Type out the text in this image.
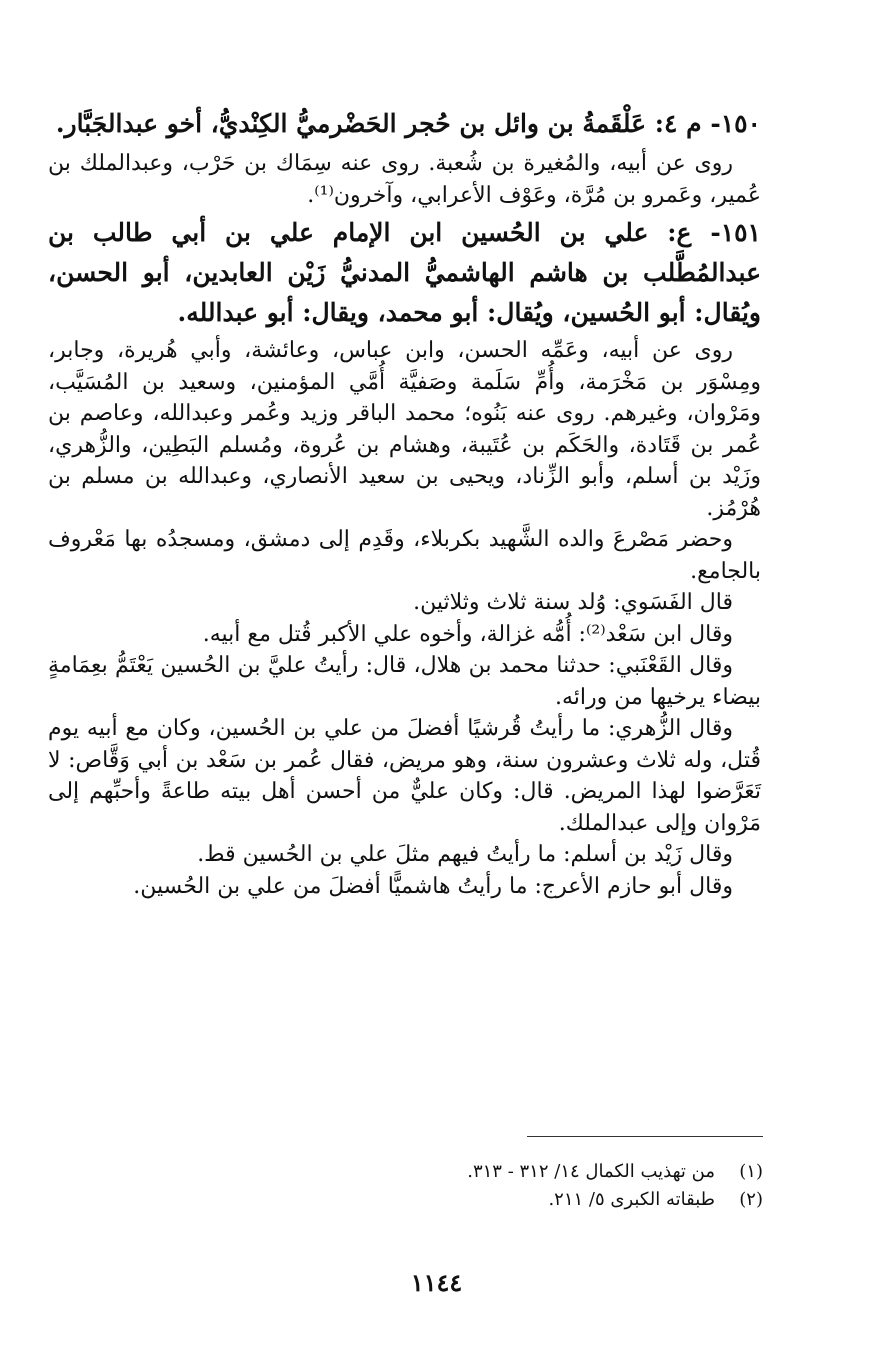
١٥٠- م ٤: عَلْقَمةُ بن وائل بن حُجر الحَضْرميُّ الكِنْديُّ، أخو عبدالجَبَّار.

روى عن أبيه، والمُغيرة بن شُعبة. روى عنه سِمَاك بن حَرْب، وعبدالملك بن عُمير، وعَمرو بن مُرَّة، وعَوْف الأعرابي، وآخرون⁽¹⁾.

١٥١- ع: علي بن الحُسين ابن الإمام علي بن أبي طالب بن عبدالمُطَّلب بن هاشم الهاشميُّ المدنيُّ زَيْن العابدين، أبو الحسن، ويُقال: أبو الحُسين، ويُقال: أبو محمد، ويقال: أبو عبدالله.

روى عن أبيه، وعَمِّه الحسن، وابن عباس، وعائشة، وأبي هُريرة، وجابر، ومِسْوَر بن مَخْرَمة، وأُمِّ سَلَمة وصَفيَّة أُمَّي المؤمنين، وسعيد بن المُسَيَّب، ومَرْوان، وغيرهم. روى عنه بَنُوه؛ محمد الباقر وزيد وعُمر وعبدالله، وعاصم بن عُمر بن قَتَادة، والحَكَم بن عُتَيبة، وهشام بن عُروة، ومُسلم البَطِين، والزُّهري، وزَيْد بن أسلم، وأبو الزِّناد، ويحيى بن سعيد الأنصاري، وعبدالله بن مسلم بن هُرْمُز.

وحضر مَصْرعَ والده الشَّهيد بكربلاء، وقَدِم إلى دمشق، ومسجدُه بها مَعْروف بالجامع.

قال الفَسَوي: وُلد سنة ثلاث وثلاثين.

وقال ابن سَعْد⁽²⁾: أُمُّه غزالة، وأخوه علي الأكبر قُتل مع أبيه.

وقال القَعْنَبي: حدثنا محمد بن هلال، قال: رأيتُ عليَّ بن الحُسين يَعْتَمُّ بعِمَامةٍ بيضاء يرخيها من ورائه.

وقال الزُّهري: ما رأيتُ قُرشيًا أفضلَ من علي بن الحُسين، وكان مع أبيه يوم قُتل، وله ثلاث وعشرون سنة، وهو مريض، فقال عُمر بن سَعْد بن أبي وَقَّاص: لا تَعَرَّضوا لهذا المريض. قال: وكان عليٌّ من أحسن أهل بيته طاعةً وأحبِّهم إلى مَرْوان وإلى عبدالملك.

وقال زَيْد بن أسلم: ما رأيتُ فيهم مثلَ علي بن الحُسين قط.

وقال أبو حازم الأعرج: ما رأيتُ هاشميًّا أفضلَ من علي بن الحُسين.

(١)
من تهذيب الكمال ١٤/ ٣١٢ - ٣١٣.
(٢)
طبقاته الكبرى ٥/ ٢١١.
١١٤٤
